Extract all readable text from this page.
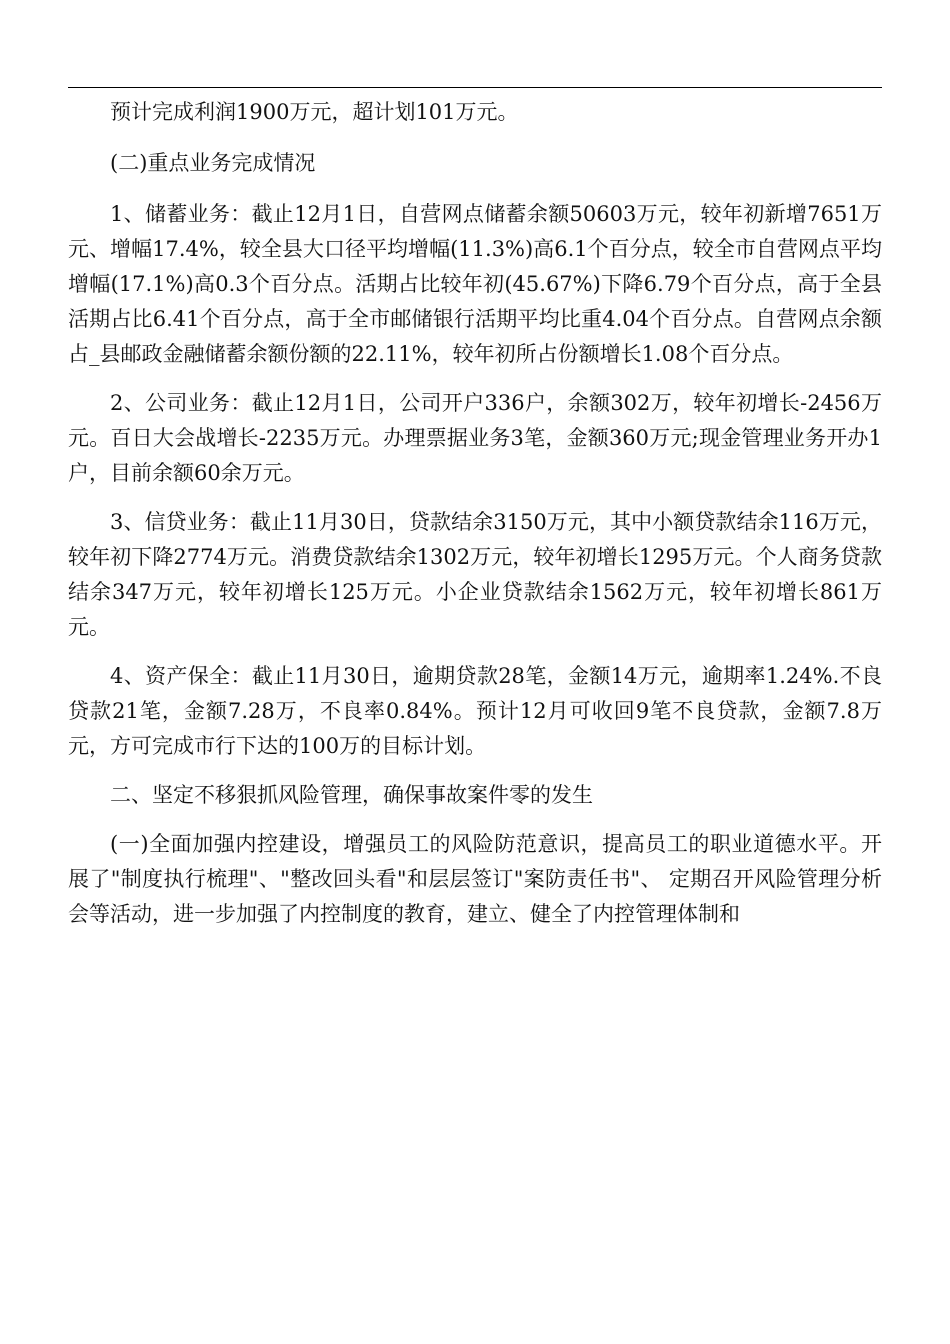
预计完成利润1900万元，超计划101万元。

(二)重点业务完成情况

1、储蓄业务：截止12月1日，自营网点储蓄余额50603万元，较年初新增7651万元、增幅17.4%，较全县大口径平均增幅(11.3%)高6.1个百分点，较全市自营网点平均增幅(17.1%)高0.3个百分点。活期占比较年初(45.67%)下降6.79个百分点，高于全县活期占比6.41个百分点，高于全市邮储银行活期平均比重4.04个百分点。自营网点余额占_县邮政金融储蓄余额份额的22.11%，较年初所占份额增长1.08个百分点。

2、公司业务：截止12月1日，公司开户336户，余额302万，较年初增长-2456万元。百日大会战增长-2235万元。办理票据业务3笔，金额360万元;现金管理业务开办1户，目前余额60余万元。

3、信贷业务：截止11月30日，贷款结余3150万元，其中小额贷款结余116万元，较年初下降2774万元。消费贷款结余1302万元，较年初增长1295万元。个人商务贷款结余347万元，较年初增长125万元。小企业贷款结余1562万元，较年初增长861万元。

4、资产保全：截止11月30日，逾期贷款28笔，金额14万元，逾期率1.24%.不良贷款21笔，金额7.28万，不良率0.84%。预计12月可收回9笔不良贷款，金额7.8万元，方可完成市行下达的100万的目标计划。

二、坚定不移狠抓风险管理，确保事故案件零的发生

(一)全面加强内控建设，增强员工的风险防范意识，提高员工的职业道德水平。开展了"制度执行梳理"、"整改回头看"和层层签订"案防责任书"、 定期召开风险管理分析会等活动，进一步加强了内控制度的教育，建立、健全了内控管理体制和
